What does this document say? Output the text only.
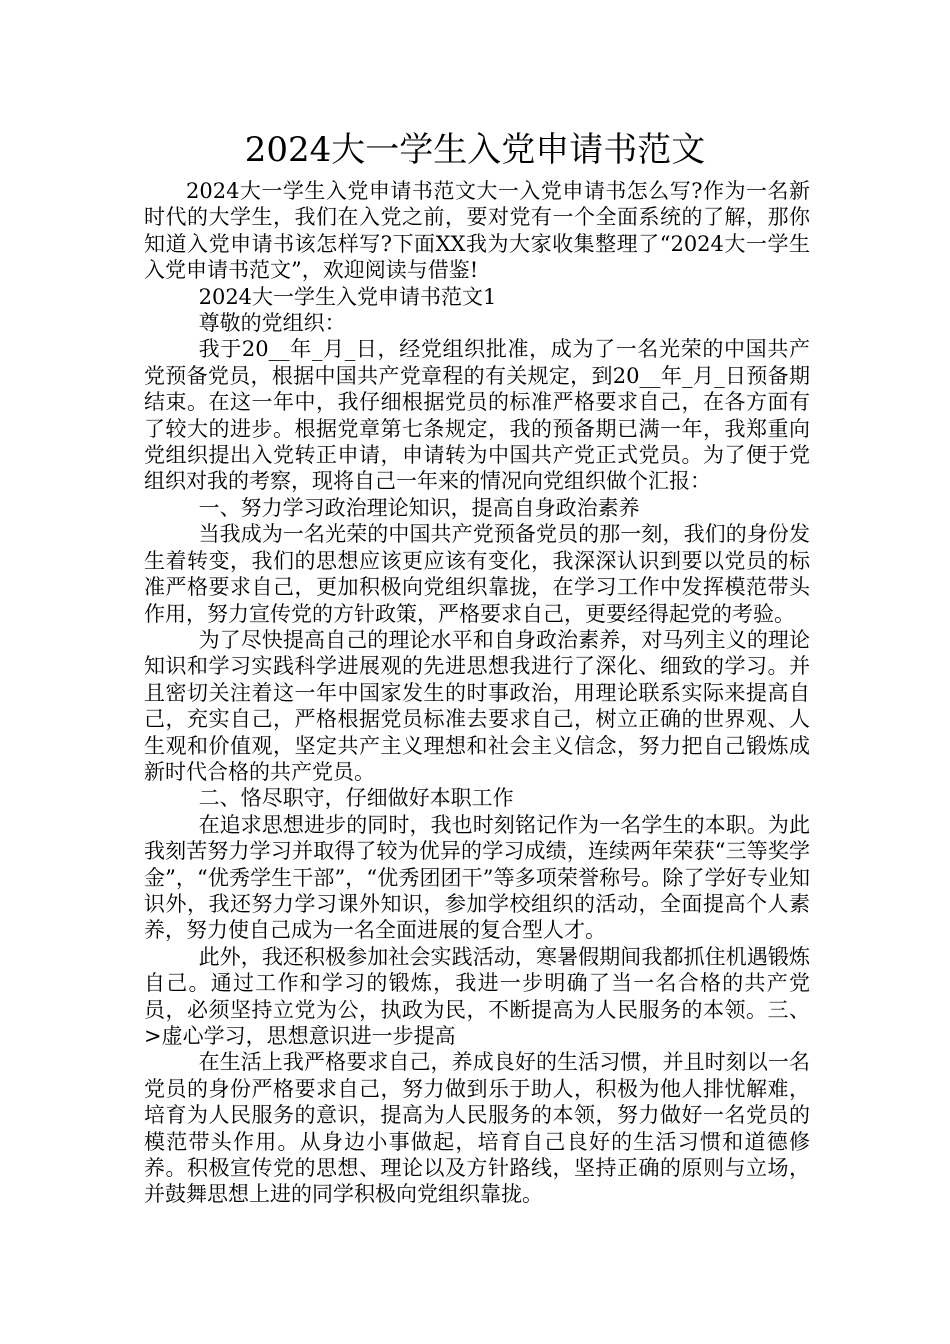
2024大一学生入党申请书范文

2024大一学生入党申请书范文大一入党申请书怎么写?作为一名新时代的大学生，我们在入党之前，要对党有一个全面系统的了解，那你知道入党申请书该怎样写?下面XX我为大家收集整理了“2024大一学生入党申请书范文”，欢迎阅读与借鉴!

2024大一学生入党申请书范文1

尊敬的党组织：

我于20__年_月_日，经党组织批准，成为了一名光荣的中国共产党预备党员，根据中国共产党章程的有关规定，到20__年_月_日预备期结束。在这一年中，我仔细根据党员的标准严格要求自己，在各方面有了较大的进步。根据党章第七条规定，我的预备期已满一年，我郑重向党组织提出入党转正申请，申请转为中国共产党正式党员。为了便于党组织对我的考察，现将自己一年来的情况向党组织做个汇报：

一、努力学习政治理论知识，提高自身政治素养

当我成为一名光荣的中国共产党预备党员的那一刻，我们的身份发生着转变，我们的思想应该更应该有变化，我深深认识到要以党员的标准严格要求自己，更加积极向党组织靠拢，在学习工作中发挥模范带头作用，努力宣传党的方针政策，严格要求自己，更要经得起党的考验。

为了尽快提高自己的理论水平和自身政治素养，对马列主义的理论知识和学习实践科学进展观的先进思想我进行了深化、细致的学习。并且密切关注着这一年中国家发生的时事政治，用理论联系实际来提高自己，充实自己，严格根据党员标准去要求自己，树立正确的世界观、人生观和价值观，坚定共产主义理想和社会主义信念，努力把自己锻炼成新时代合格的共产党员。

二、恪尽职守，仔细做好本职工作

在追求思想进步的同时，我也时刻铭记作为一名学生的本职。为此我刻苦努力学习并取得了较为优异的学习成绩，连续两年荣获“三等奖学金”，“优秀学生干部”，“优秀团团干”等多项荣誉称号。除了学好专业知识外，我还努力学习课外知识，参加学校组织的活动，全面提高个人素养，努力使自己成为一名全面进展的复合型人才。

此外，我还积极参加社会实践活动，寒暑假期间我都抓住机遇锻炼自己。通过工作和学习的锻炼，我进一步明确了当一名合格的共产党员，必须坚持立党为公，执政为民，不断提高为人民服务的本领。三、>虚心学习，思想意识进一步提高

在生活上我严格要求自己，养成良好的生活习惯，并且时刻以一名党员的身份严格要求自己，努力做到乐于助人，积极为他人排忧解难，培育为人民服务的意识，提高为人民服务的本领，努力做好一名党员的模范带头作用。从身边小事做起，培育自己良好的生活习惯和道德修养。积极宣传党的思想、理论以及方针路线，坚持正确的原则与立场，并鼓舞思想上进的同学积极向党组织靠拢。
